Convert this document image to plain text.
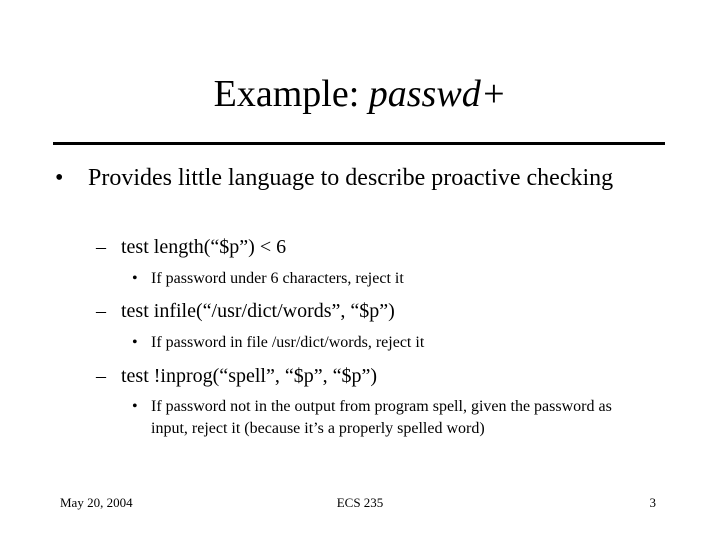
Example: passwd+
• Provides little language to describe proactive checking
– test length(“$p”) < 6
• If password under 6 characters, reject it
– test infile(“/usr/dict/words”, “$p”)
• If password in file /usr/dict/words, reject it
– test !inprog(“spell”, “$p”, “$p”)
• If password not in the output from program spell, given the password as input, reject it (because it’s a properly spelled word)
May 20, 2004	ECS 235	3
